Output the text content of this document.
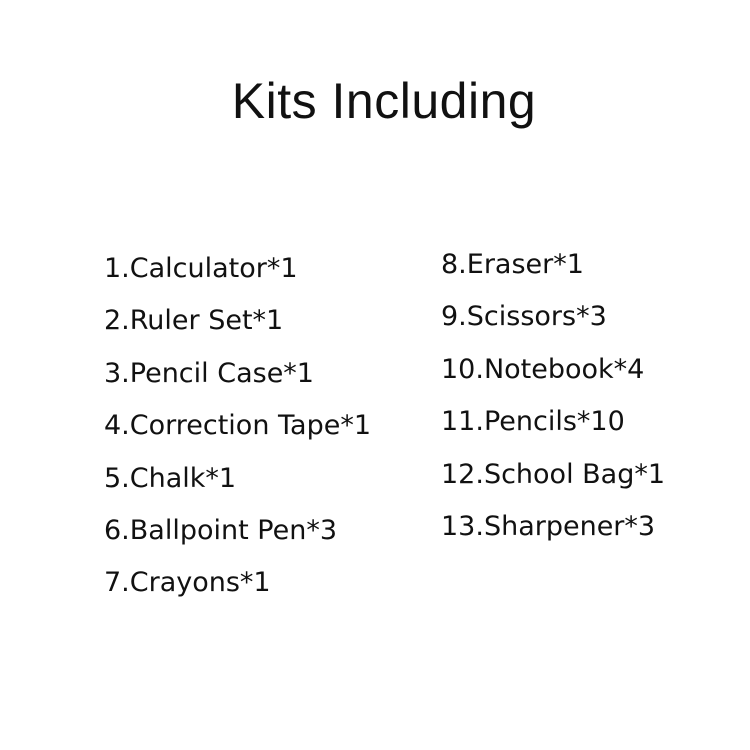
Kits Including
1.Calculator*1
2.Ruler Set*1
3.Pencil Case*1
4.Correction Tape*1
5.Chalk*1
6.Ballpoint Pen*3
7.Crayons*1
8.Eraser*1
9.Scissors*3
10.Notebook*4
11.Pencils*10
12.School Bag*1
13.Sharpener*3
